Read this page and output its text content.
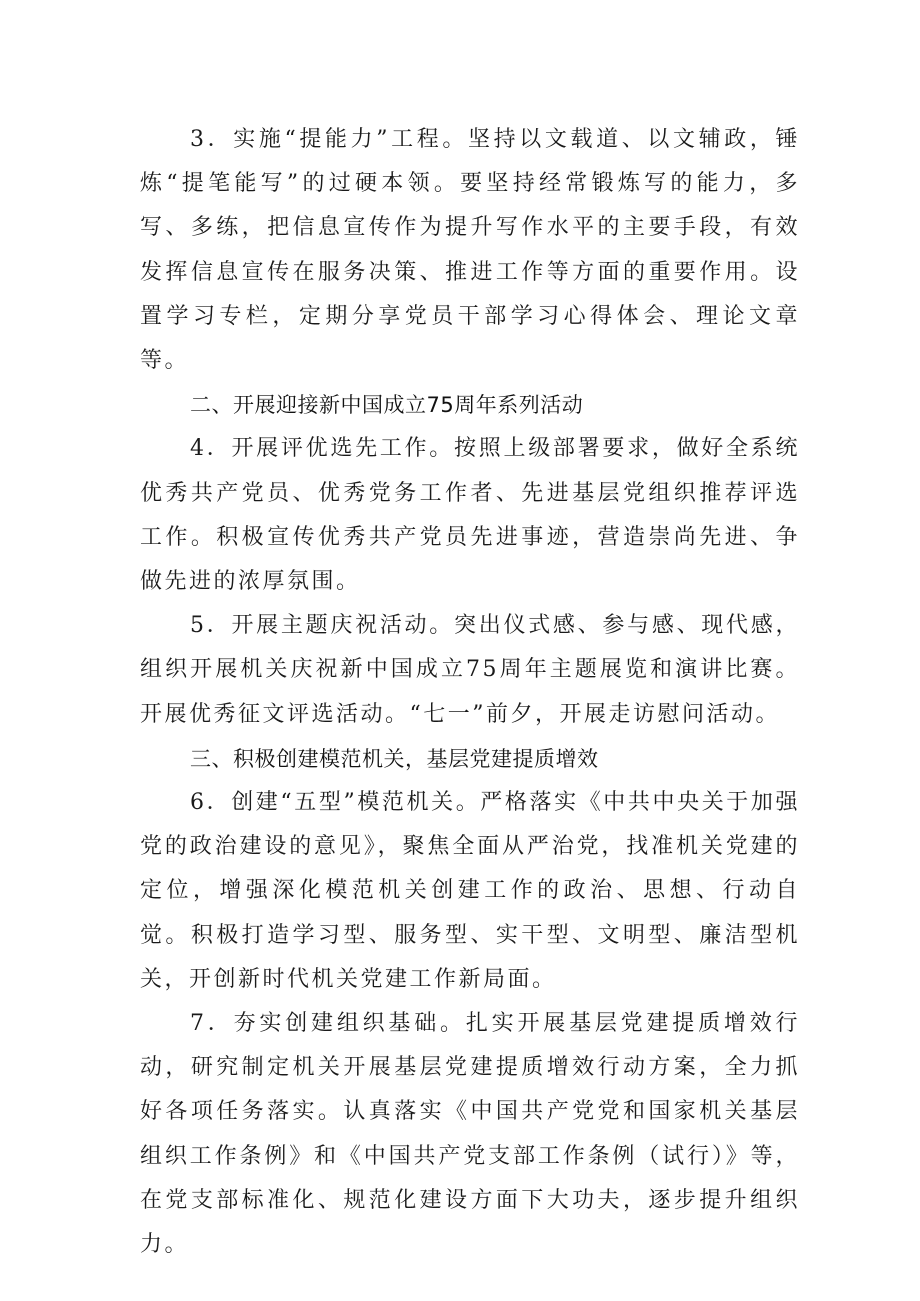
3．实施“提能力”工程。坚持以文载道、以文辅政，锤炼“提笔能写”的过硬本领。要坚持经常锻炼写的能力，多写、多练，把信息宣传作为提升写作水平的主要手段，有效发挥信息宣传在服务决策、推进工作等方面的重要作用。设置学习专栏，定期分享党员干部学习心得体会、理论文章等。

二、开展迎接新中国成立75周年系列活动

4．开展评优选先工作。按照上级部署要求，做好全系统优秀共产党员、优秀党务工作者、先进基层党组织推荐评选工作。积极宣传优秀共产党员先进事迹，营造崇尚先进、争做先进的浓厚氛围。

5．开展主题庆祝活动。突出仪式感、参与感、现代感，组织开展机关庆祝新中国成立75周年主题展览和演讲比赛。开展优秀征文评选活动。“七一”前夕，开展走访慰问活动。

三、积极创建模范机关，基层党建提质增效

6．创建“五型”模范机关。严格落实《中共中央关于加强党的政治建设的意见》，聚焦全面从严治党，找准机关党建的定位，增强深化模范机关创建工作的政治、思想、行动自觉。积极打造学习型、服务型、实干型、文明型、廉洁型机关，开创新时代机关党建工作新局面。

7．夯实创建组织基础。扎实开展基层党建提质增效行动，研究制定机关开展基层党建提质增效行动方案，全力抓好各项任务落实。认真落实《中国共产党党和国家机关基层组织工作条例》和《中国共产党支部工作条例（试行）》等，在党支部标准化、规范化建设方面下大功夫，逐步提升组织力。
